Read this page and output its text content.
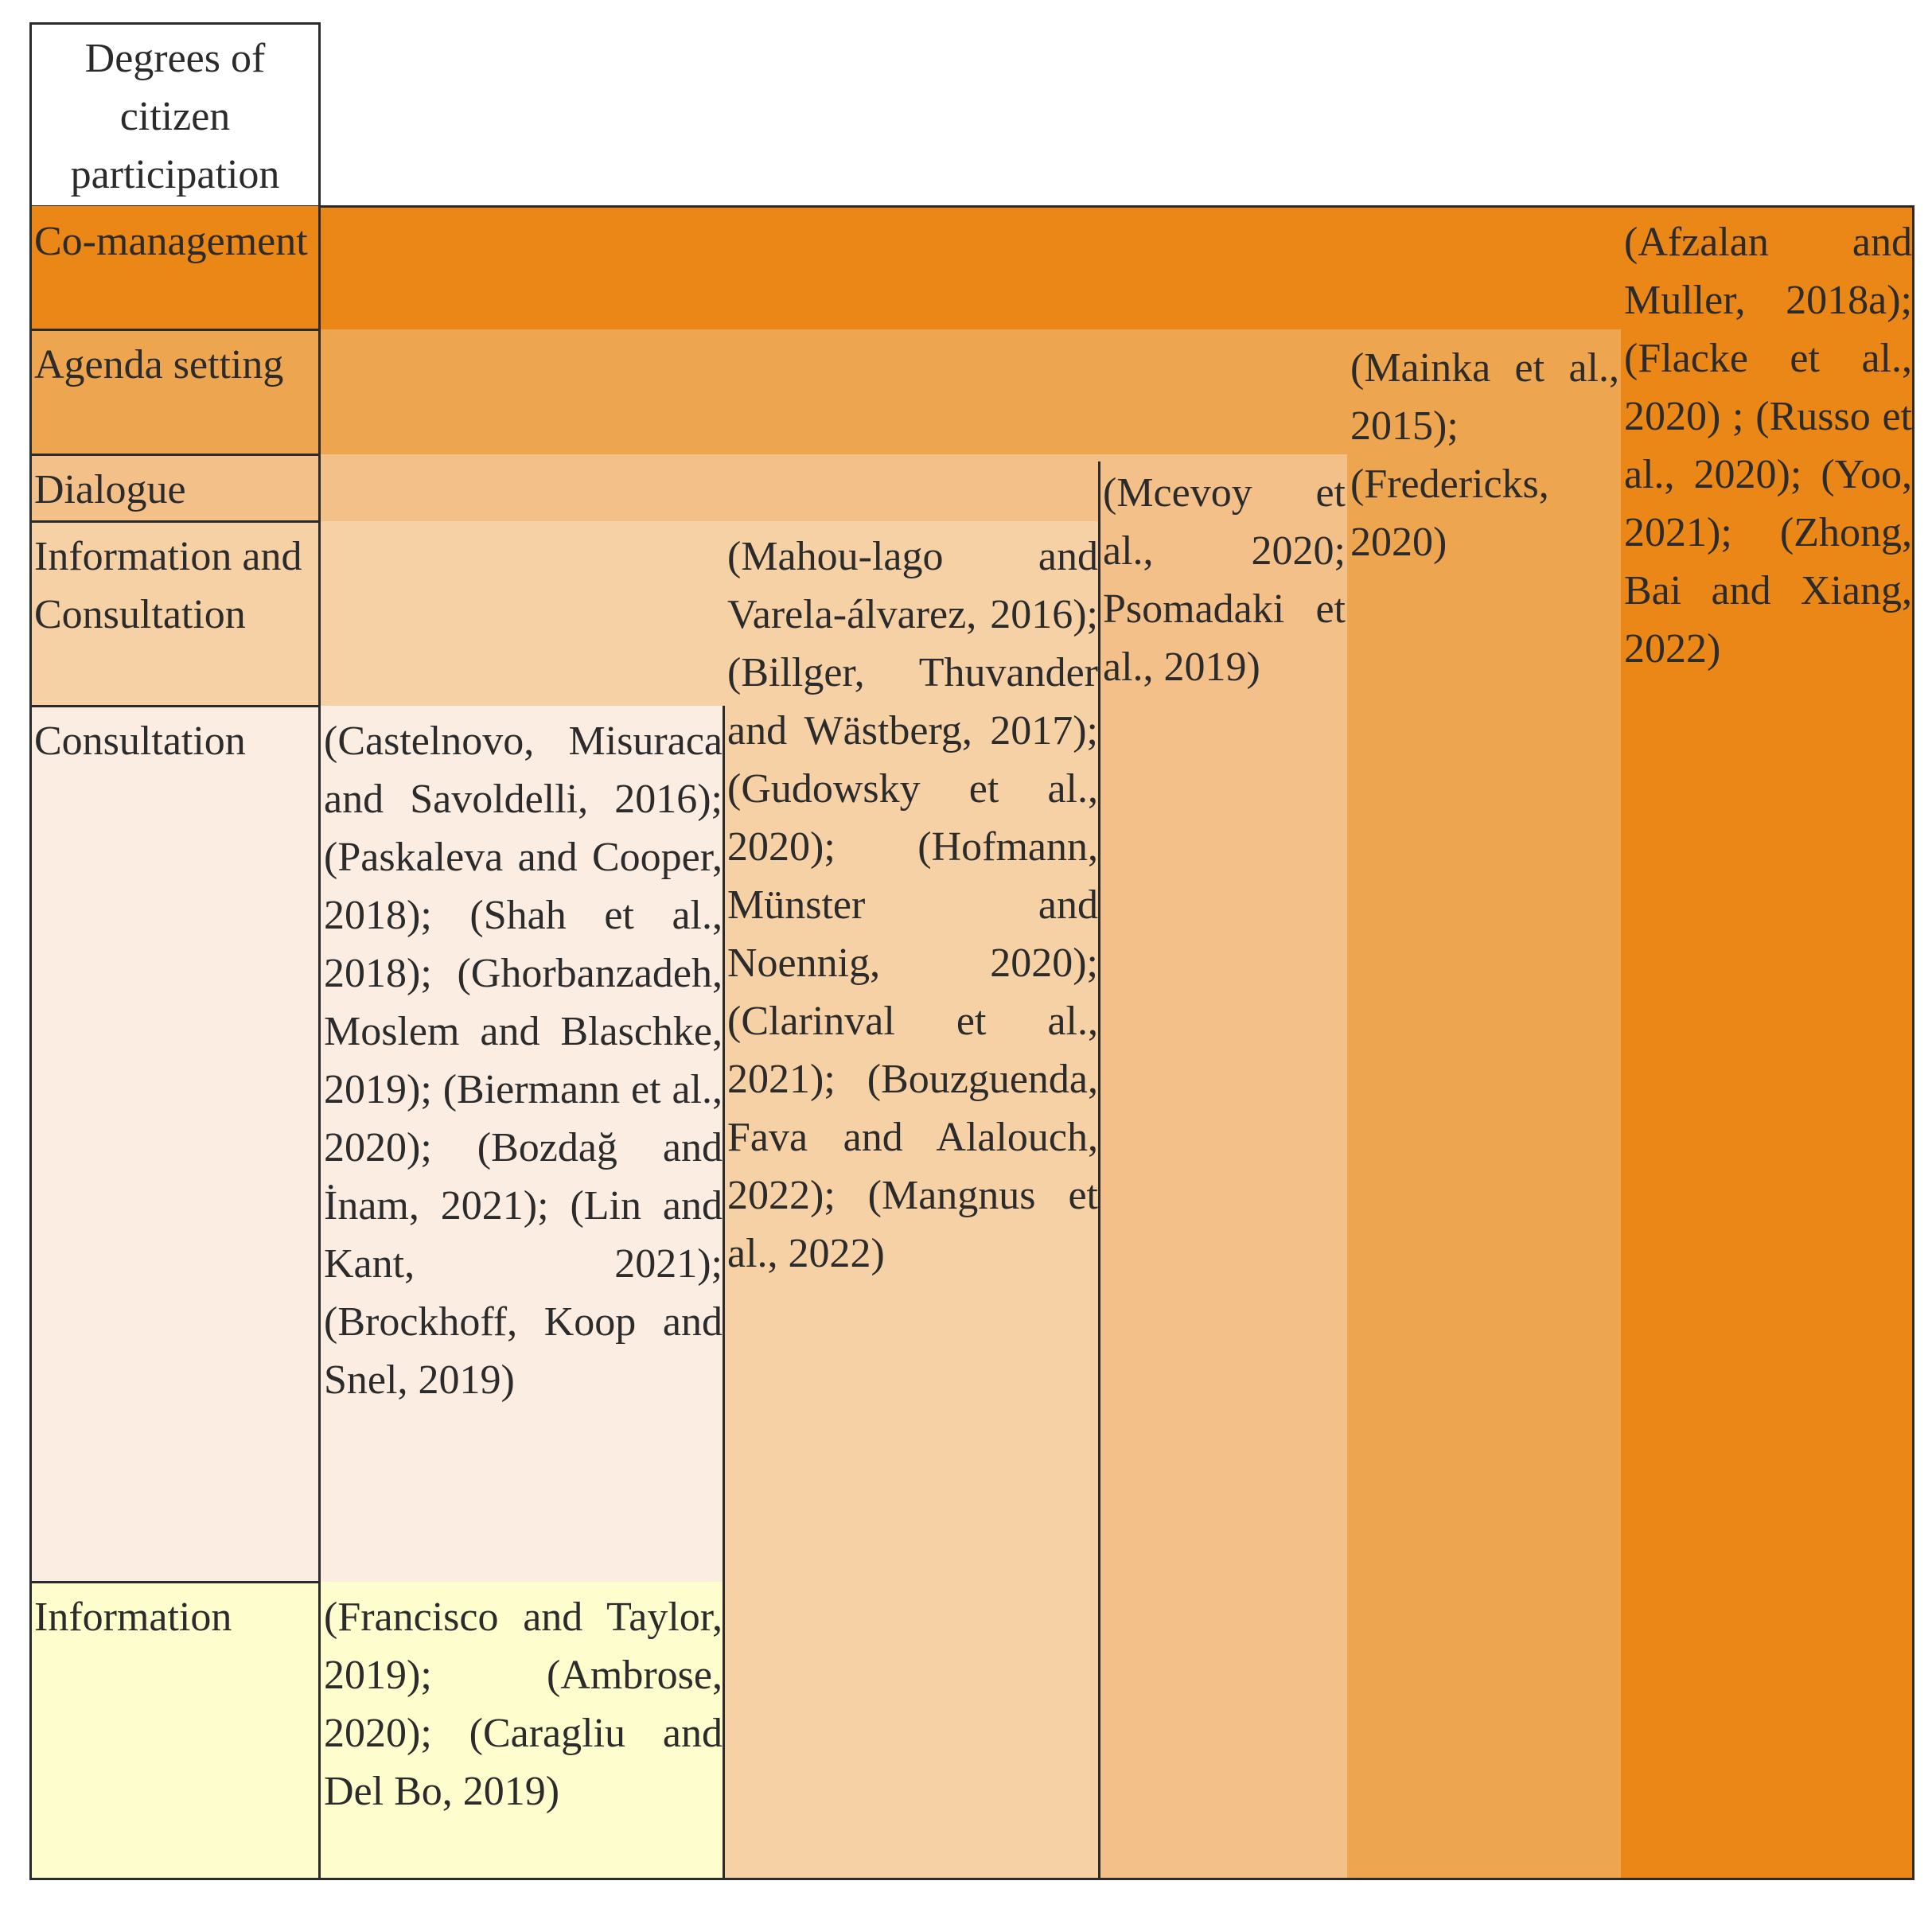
Degrees of citizen participation
Co-management
Agenda setting
Dialogue
Information and Consultation
Consultation
Information	(Francisco and Taylor, 2019); (Ambrose, 2020); (Caragliu and Del Bo, 2019)
(Castelnovo, Misuraca and Savoldelli, 2016); (Paskaleva and Cooper, 2018); (Shah et al., 2018); (Ghorbanzadeh, Moslem and Blaschke, 2019); (Biermann et al., 2020); (Bozdağ and İnam, 2021); (Lin and Kant, 2021); (Brockhoff, Koop and Snel, 2019)
(Mahou-lago and Varela-álvarez, 2016); (Billger, Thuvander and Wästberg, 2017); (Gudowsky et al., 2020); (Hofmann, Münster and Noennig, 2020); (Clarinval et al., 2021); (Bouzguenda, Fava and Alalouch, 2022); (Mangnus et al., 2022)
(Mcevoy et al., 2020; Psomadaki et al., 2019)
(Mainka et al., 2015); (Fredericks, 2020)
(Afzalan and Muller, 2018a); (Flacke et al., 2020) ; (Russo et al., 2020); (Yoo, 2021); (Zhong, Bai and Xiang, 2022)
